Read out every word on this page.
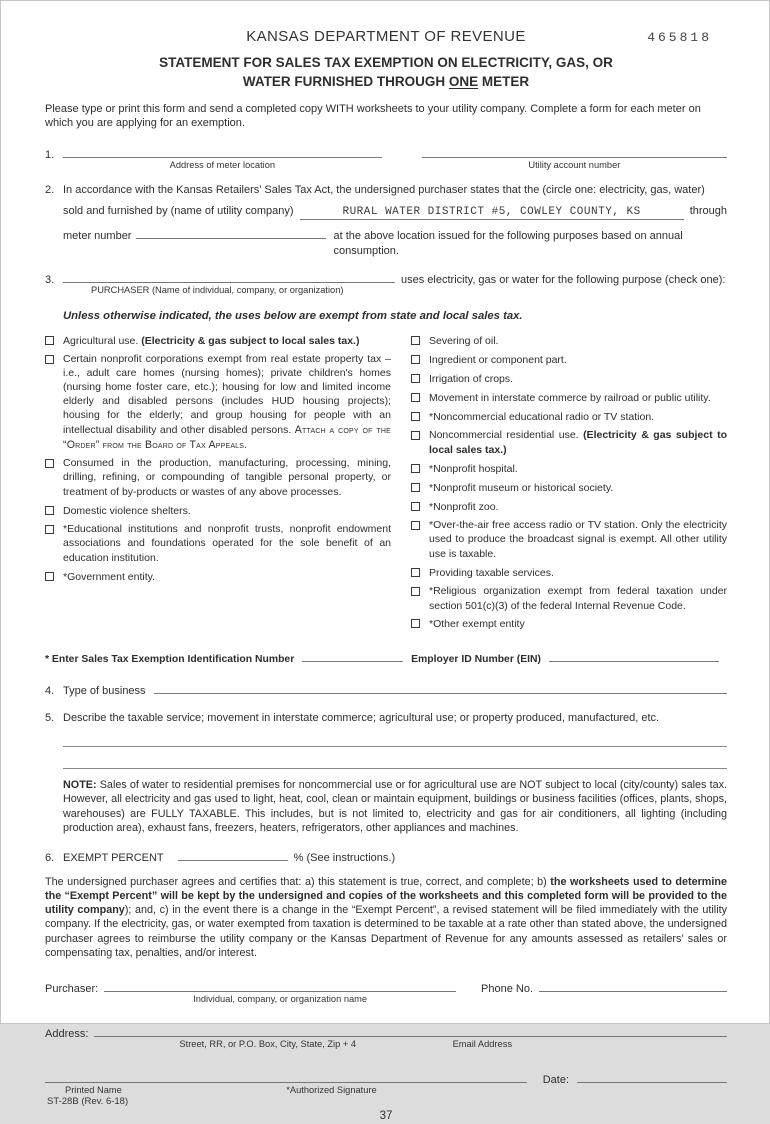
KANSAS DEPARTMENT OF REVENUE	465818
STATEMENT FOR SALES TAX EXEMPTION ON ELECTRICITY, GAS, OR
WATER FURNISHED THROUGH ONE METER

Please type or print this form and send a completed copy WITH worksheets to your utility company. Complete a form for each meter on which you are applying for an exemption.

1.
Address of meter location	Utility account number
2. In accordance with the Kansas Retailers’ Sales Tax Act, the undersigned purchaser states that the (circle one: electricity, gas, water)
sold and furnished by (name of utility company)	RURAL WATER DISTRICT #5, COWLEY COUNTY, KS	through
meter number	at the above location issued for the following purposes based on annual consumption.
3.
PURCHASER (Name of individual, company, or organization)
uses electricity, gas or water for the following purpose (check one):

Unless otherwise indicated, the uses below are exempt from state and local sales tax.

Agricultural use. (Electricity & gas subject to local sales tax.)
Certain nonprofit corporations exempt from real estate property tax – i.e., adult care homes (nursing homes); private children's homes (nursing home foster care, etc.); housing for low and limited income elderly and disabled persons (includes HUD housing projects); housing for the elderly; and group housing for people with an intellectual disability and other disabled persons. Attach a copy of the “Order” from the Board of Tax Appeals.
Consumed in the production, manufacturing, processing, mining, drilling, refining, or compounding of tangible personal property, or treatment of by-products or wastes of any above processes.
Domestic violence shelters.
*Educational institutions and nonprofit trusts, nonprofit endowment associations and foundations operated for the sole benefit of an education institution.
*Government entity.
Severing of oil.
Ingredient or component part.
Irrigation of crops.
Movement in interstate commerce by railroad or public utility.
*Noncommercial educational radio or TV station.
Noncommercial residential use. (Electricity & gas subject to local sales tax.)
*Nonprofit hospital.
*Nonprofit museum or historical society.
*Nonprofit zoo.
*Over-the-air free access radio or TV station. Only the electricity used to produce the broadcast signal is exempt. All other utility use is taxable.
Providing taxable services.
*Religious organization exempt from federal taxation under section 501(c)(3) of the federal Internal Revenue Code.
*Other exempt entity
* Enter Sales Tax Exemption Identification Number	Employer ID Number (EIN)
4. Type of business
5. Describe the taxable service; movement in interstate commerce; agricultural use; or property produced, manufactured, etc.

NOTE: Sales of water to residential premises for noncommercial use or for agricultural use are NOT subject to local (city/county) sales tax. However, all electricity and gas used to light, heat, cool, clean or maintain equipment, buildings or business facilities (offices, plants, shops, warehouses) are FULLY TAXABLE. This includes, but is not limited to, electricity and gas for air conditioners, all lighting (including production area), exhaust fans, freezers, heaters, refrigerators, other appliances and machines.

6. EXEMPT PERCENT	% (See instructions.)

The undersigned purchaser agrees and certifies that: a) this statement is true, correct, and complete; b) the worksheets used to determine the “Exempt Percent” will be kept by the undersigned and copies of the worksheets and this completed form will be provided to the utility company); and, c) in the event there is a change in the “Exempt Percent”, a revised statement will be filed immediately with the utility company. If the electricity, gas, or water exempted from taxation is determined to be taxable at a rate other than stated above, the undersigned purchaser agrees to reimburse the utility company or the Kansas Department of Revenue for any amounts assessed as retailers’ sales or compensating tax, penalties, and/or interest.

Purchaser:
Individual, company, or organization name
Phone No.
Address:
Street, RR, or P.O. Box, City, State, Zip + 4	Email Address
Printed Name	*Authorized Signature
Date:
ST-28B (Rev. 6-18)
37
